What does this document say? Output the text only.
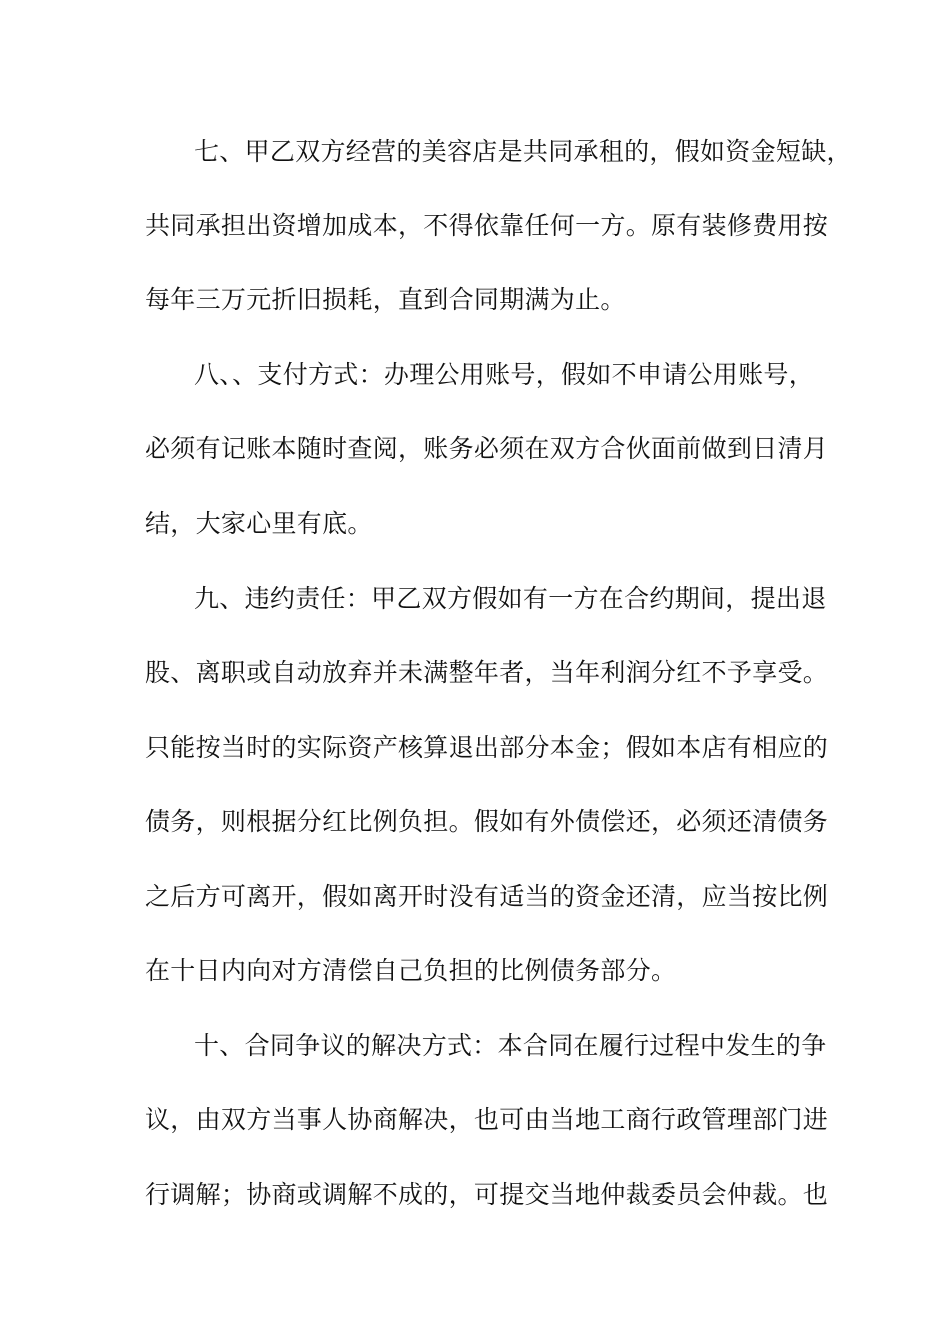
七、甲乙双方经营的美容店是共同承租的，假如资金短缺，
共同承担出资增加成本，不得依靠任何一方。原有装修费用按
每年三万元折旧损耗，直到合同期满为止。
八、、支付方式：办理公用账号，假如不申请公用账号，
必须有记账本随时查阅，账务必须在双方合伙面前做到日清月
结，大家心里有底。
九、违约责任：甲乙双方假如有一方在合约期间，提出退
股、离职或自动放弃并未满整年者，当年利润分红不予享受。
只能按当时的实际资产核算退出部分本金；假如本店有相应的
债务，则根据分红比例负担。假如有外债偿还，必须还清债务
之后方可离开，假如离开时没有适当的资金还清，应当按比例
在十日内向对方清偿自己负担的比例债务部分。
十、合同争议的解决方式：本合同在履行过程中发生的争
议，由双方当事人协商解决，也可由当地工商行政管理部门进
行调解；协商或调解不成的，可提交当地仲裁委员会仲裁。也
